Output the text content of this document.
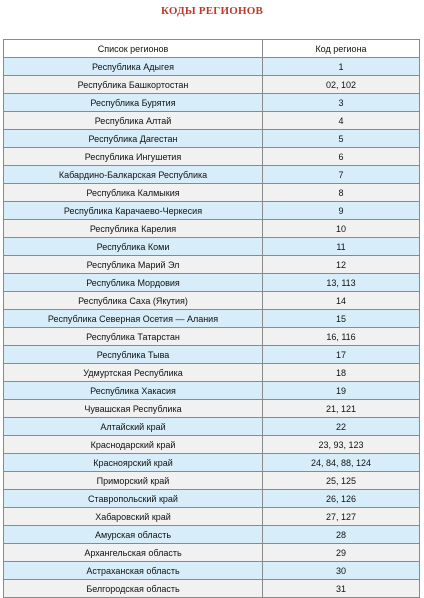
КОДЫ РЕГИОНОВ
Список регионов	Код региона
Республика Адыгея	1
Республика Башкортостан	02, 102
Республика Бурятия	3
Республика Алтай	4
Республика Дагестан	5
Республика Ингушетия	6
Кабардино-Балкарская Республика	7
Республика Калмыкия	8
Республика Карачаево-Черкесия	9
Республика Карелия	10
Республика Коми	11
Республика Марий Эл	12
Республика Мордовия	13, 113
Республика Саха (Якутия)	14
Республика Северная Осетия — Алания	15
Республика Татарстан	16, 116
Республика Тыва	17
Удмуртская Республика	18
Республика Хакасия	19
Чувашская Республика	21, 121
Алтайский край	22
Краснодарский край	23, 93, 123
Красноярский край	24, 84, 88, 124
Приморский край	25, 125
Ставропольский край	26, 126
Хабаровский край	27, 127
Амурская область	28
Архангельская область	29
Астраханская область	30
Белгородская область	31
